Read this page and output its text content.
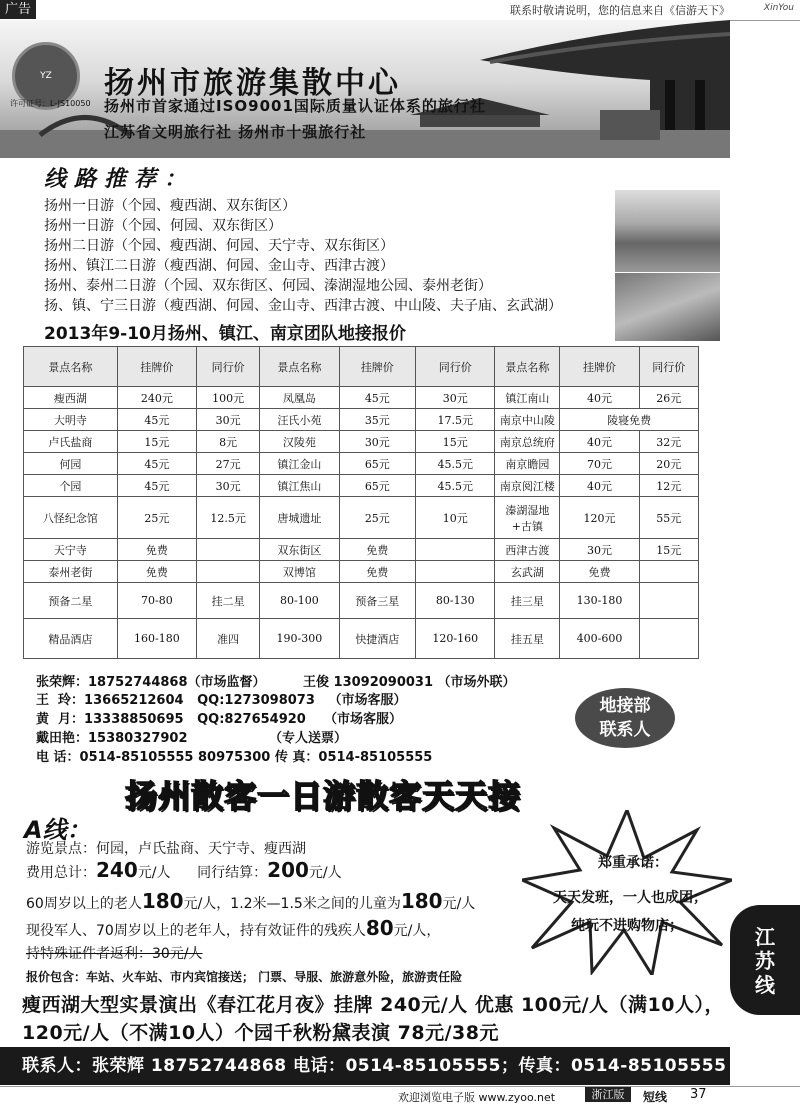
广告	联系时敬请说明，您的信息来自《信游天下》	XinYou
YZ	扬州市旅游集散中心
许可证号：L-JS10050 扬州市首家通过ISO9001国际质量认证体系的旅行社
江苏省文明旅行社 扬州市十强旅行社
线路推荐：
扬州一日游（个园、瘦西湖、双东街区）
扬州一日游（个园、何园、双东街区）
扬州二日游（个园、瘦西湖、何园、天宁寺、双东街区）
扬州、镇江二日游（瘦西湖、何园、金山寺、西津古渡）
扬州、泰州二日游（个园、双东街区、何园、溱湖湿地公园、泰州老街）
扬、镇、宁三日游（瘦西湖、何园、金山寺、西津古渡、中山陵、夫子庙、玄武湖）
2013年9-10月扬州、镇江、南京团队地接报价
景点名称	挂牌价	同行价	景点名称	挂牌价	同行价	景点名称	挂牌价	同行价
瘦西湖	240元	100元	凤凰岛	45元	30元	镇江南山	40元	26元
大明寺	45元	30元	汪氏小苑	35元	17.5元	南京中山陵	陵寝免费	
卢氏盐商	15元	8元	汉陵苑	30元	15元	南京总统府	40元	32元
何园	45元	27元	镇江金山	65元	45.5元	南京瞻园	70元	20元
个园	45元	30元	镇江焦山	65元	45.5元	南京阅江楼	40元	12元
八怪纪念馆	25元	12.5元	唐城遗址	25元	10元	溱湖湿地+古镇	120元	55元
天宁寺	免费		双东街区	免费		西津古渡	30元	15元
泰州老街	免费		双博馆	免费		玄武湖	免费	
预备二星	70-80	挂二星	80-100	预备三星	80-130	挂三星	130-180	
精品酒店	160-180	准四	190-300	快捷酒店	120-160	挂五星	400-600	
张荣辉：18752744868（市场监督）	王俊 13092090031 （市场外联）
王  玲：13665212604   QQ:1273098073   （市场客服）
黄  月：13338850695   QQ:827654920    （市场客服）
戴田艳：15380327902                  （专人送票）
电 话：0514-85105555 80975300 传 真：0514-85105555
地接部
联系人
扬州散客一日游散客天天接
A线：
游览景点：何园，卢氏盐商、天宁寺、瘦西湖
费用总计：240元/人 同行结算：200元/人
60周岁以上的老人180元/人，1.2米—1.5米之间的儿童为180元/人
现役军人、70周岁以上的老年人，持有效证件的残疾人80元/人，
持特殊证件者返利：30元/人
报价包含：车站、火车站、市内宾馆接送； 门票、导服、旅游意外险，旅游责任险
郑重承诺：
天天发班，一人也成团；
纯玩不进购物店；
瘦西湖大型实景演出《春江花月夜》挂牌 240元/人 优惠 100元/人（满10人），
120元/人（不满10人）个园千秋粉黛表演 78元/38元
联系人：张荣辉 18752744868 电话：0514-85105555；传真：0514-85105555
江
苏
线
欢迎浏览电子版 www.zyoo.net	浙江版	短线 37
